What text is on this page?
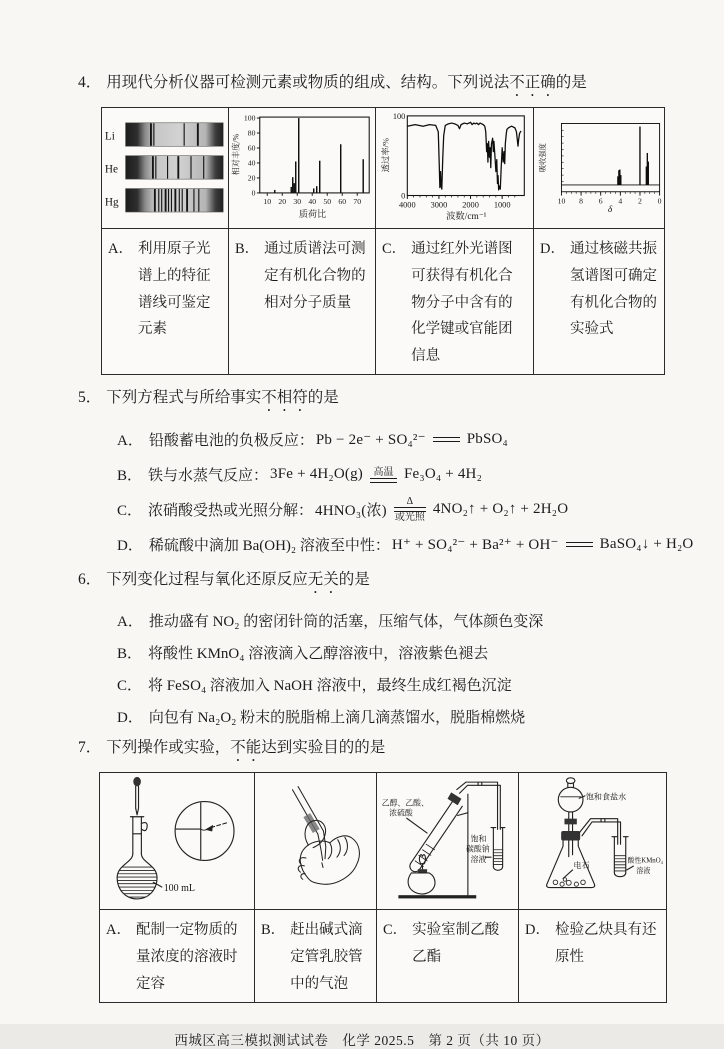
4． 用现代分析仪器可检测元素或物质的组成、结构。下列说法不正确的是
Li
He
Hg

相对丰度/%
质荷比
0
20
40
60
80
100
10 20 30 40 50 60 70

透过率/%
波数/cm⁻¹
0
100
4000 3000 2000 1000

吸收强度
δ
10 8 6 4 2 0

A． 利用原子光谱上的特征谱线可鉴定元素	B． 通过质谱法可测定有机化合物的相对分子质量	C． 通过红外光谱图可获得有机化合物分子中含有的化学键或官能团信息	D． 通过核磁共振氢谱图可确定有机化合物的实验式
5． 下列方程式与所给事实不相符的是
A． 铅酸蓄电池的负极反应： Pb − 2e⁻ + SO₄²⁻	PbSO₄
B． 铁与水蒸气反应： 3Fe + 4H₂O(g) 高温 Fe₃O₄ + 4H₂
C． 浓硝酸受热或光照分解： 4HNO₃(浓)
Δ
或光照
4NO₂↑ + O₂↑ + 2H₂O
D． 稀硫酸中滴加 Ba(OH)₂ 溶液至中性： H⁺ + SO₄²⁻ + Ba²⁺ + OH⁻	BaSO₄↓ + H₂O
6． 下列变化过程与氧化还原反应无关的是
A． 推动盛有 NO₂ 的密闭针筒的活塞，压缩气体，气体颜色变深
B． 将酸性 KMnO₄ 溶液滴入乙醇溶液中，溶液紫色褪去
C． 将 FeSO₄ 溶液加入 NaOH 溶液中，最终生成红褐色沉淀
D． 向包有 Na₂O₂ 粉末的脱脂棉上滴几滴蒸馏水，脱脂棉燃烧
7． 下列操作或实验，不能达到实验目的的是
100 mL		乙醇、乙酸、
浓硫酸
饱和
碳酸钠
溶液	饱和食盐水
电石
酸性KMnO₄
溶液

A． 配制一定物质的量浓度的溶液时定容	B． 赶出碱式滴定管乳胶管中的气泡	C． 实验室制乙酸乙酯	D． 检验乙炔具有还原性
西城区高三模拟测试试卷　化学 2025.5　第 2 页（共 10 页）
